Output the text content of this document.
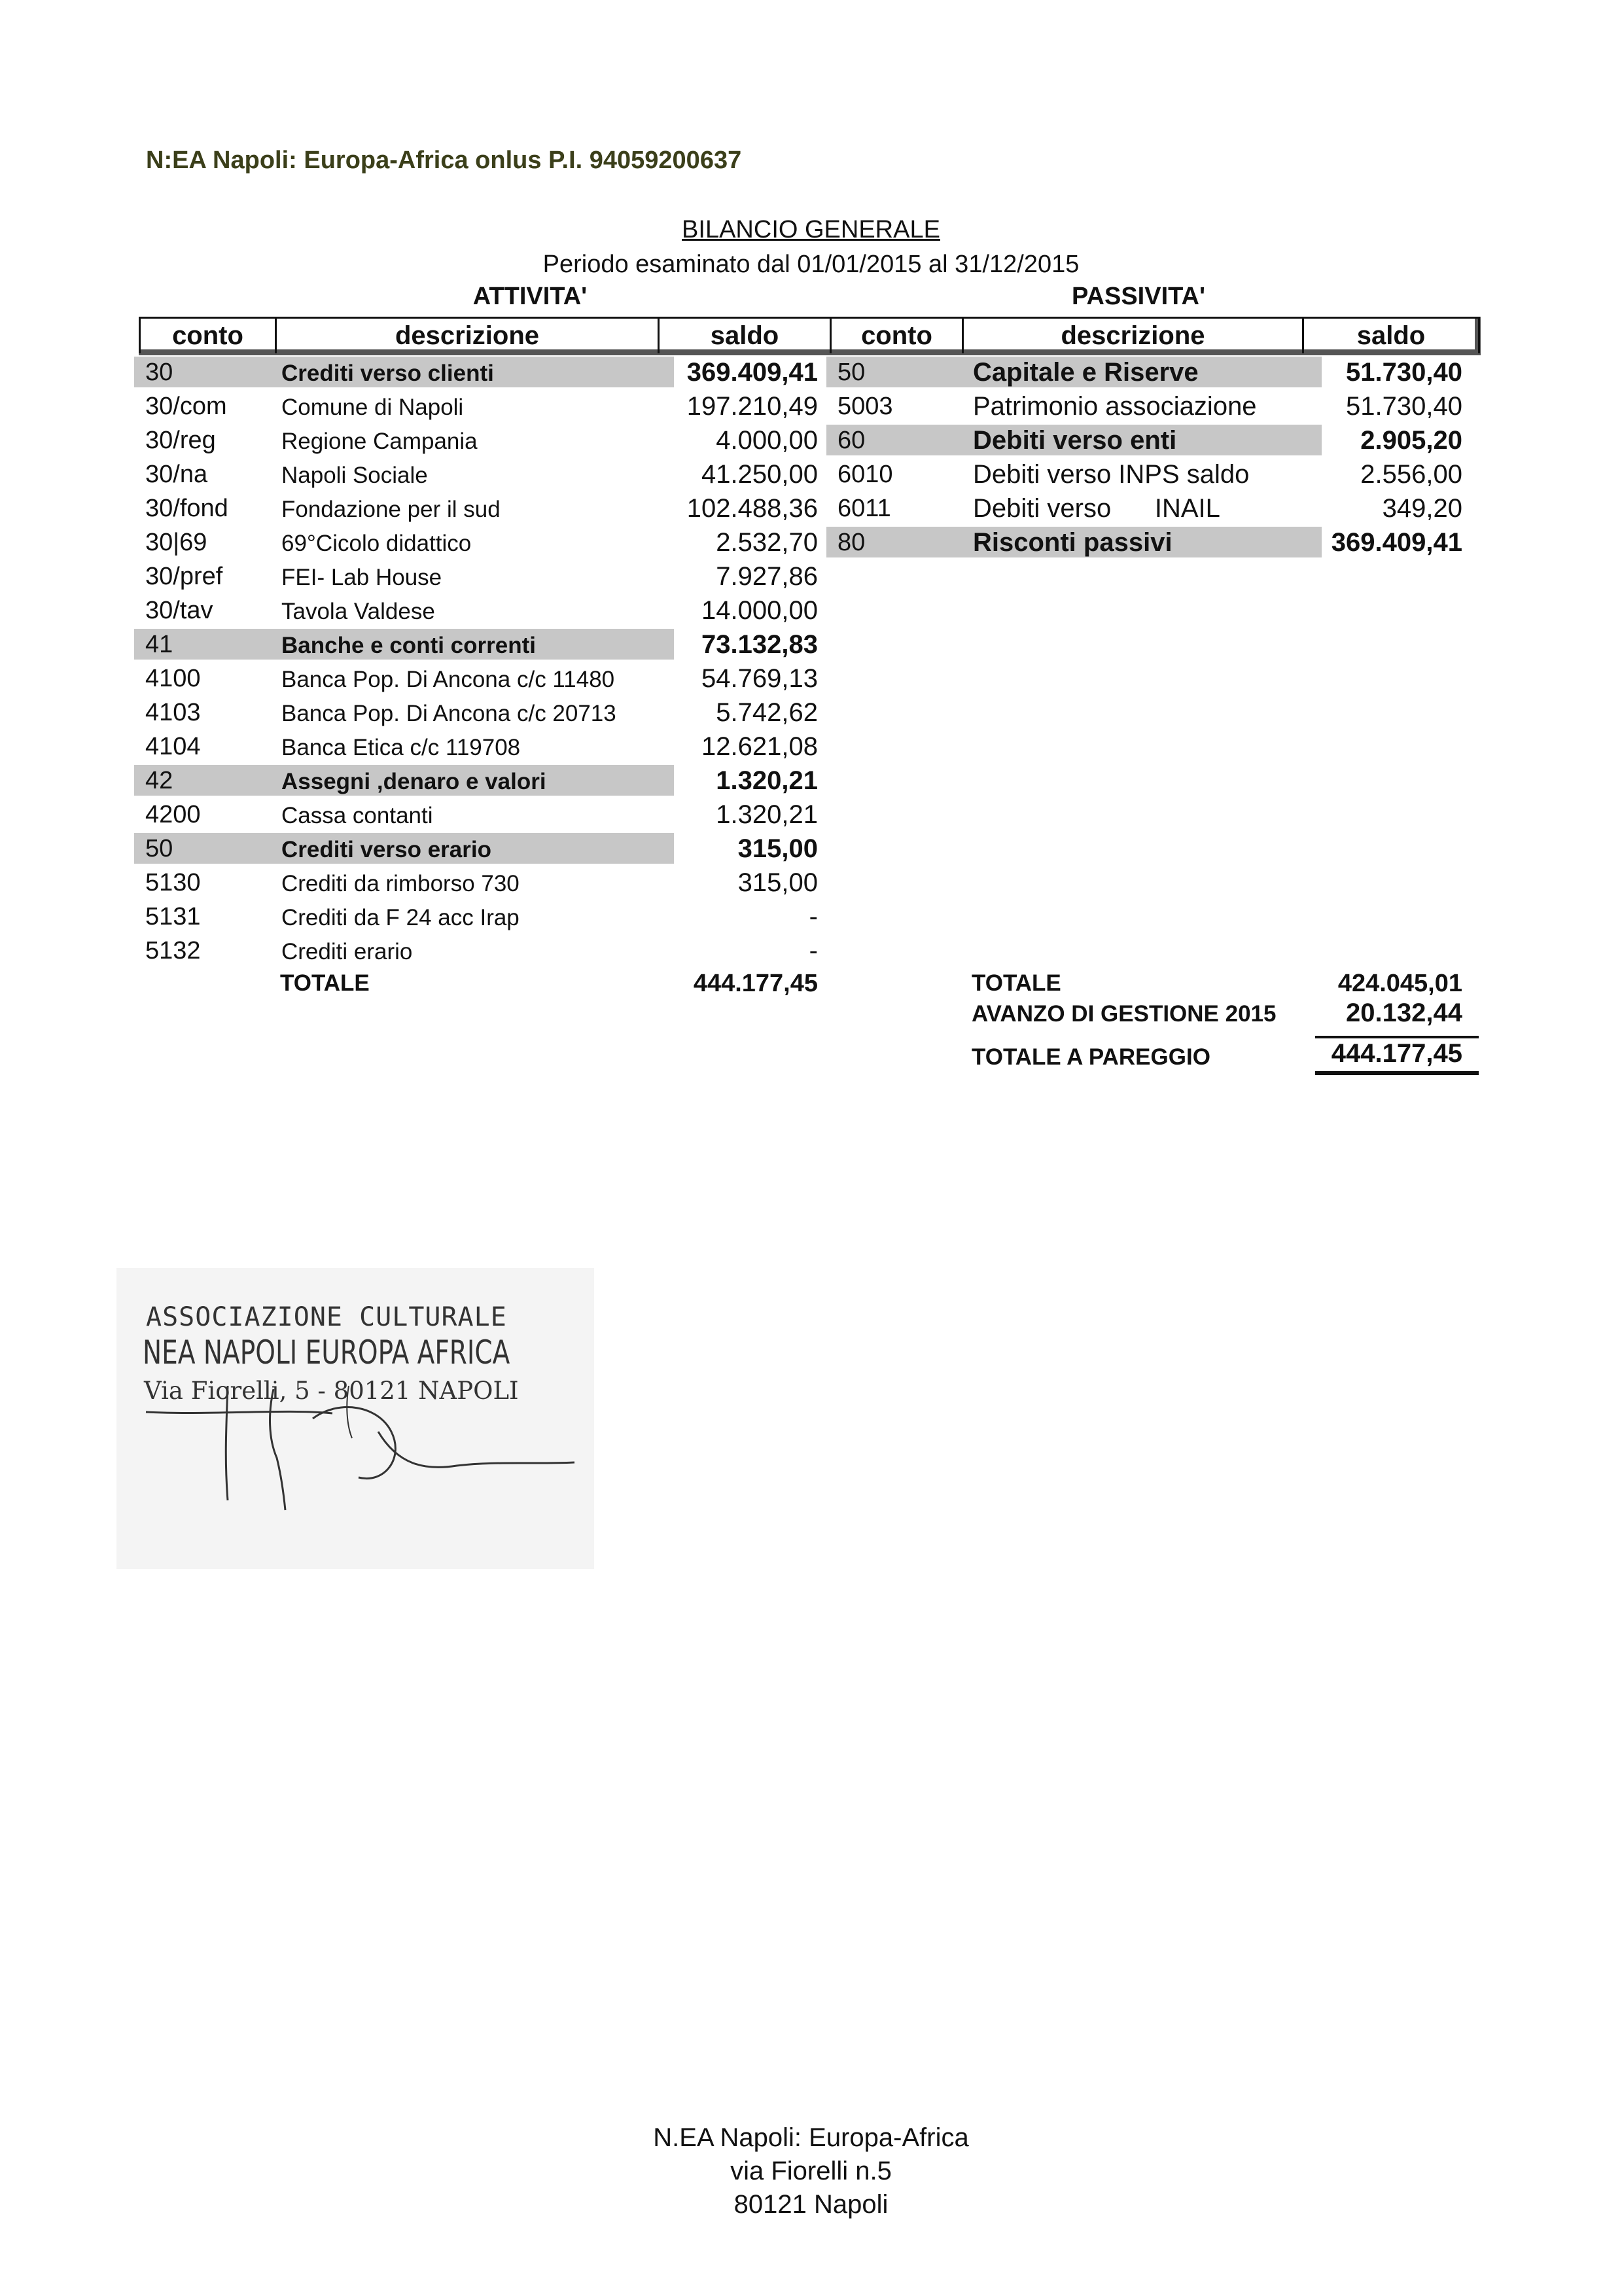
N:EA Napoli: Europa-Africa onlus P.I. 94059200637
BILANCIO GENERALE
Periodo esaminato dal 01/01/2015 al 31/12/2015
ATTIVITA'	PASSIVITA'
conto	descrizione	saldo	conto	descrizione	saldo
30	Crediti verso clienti	369.409,41
30/com Comune di Napoli	197.210,49
30/reg	Regione Campania	4.000,00
30/na	Napoli Sociale	41.250,00
30/fond Fondazione per il sud	102.488,36
30|69	69°Cicolo didattico	2.532,70
30/pref	FEI- Lab House	7.927,86
30/tav	Tavola Valdese	14.000,00
41	Banche e conti correnti	73.132,83
4100	Banca Pop. Di Ancona c/c 11480	54.769,13
4103	Banca Pop. Di Ancona c/c 20713	5.742,62
4104	Banca Etica c/c 119708	12.621,08
42	Assegni ,denaro e valori	1.320,21
4200	Cassa contanti	1.320,21
50	Crediti verso erario	315,00
5130	Crediti da rimborso 730	315,00
5131	Crediti da F 24 acc Irap	-
5132	Crediti erario	-
50	Capitale e Riserve	51.730,40
5003	Patrimonio associazione	51.730,40
60	Debiti verso enti	2.905,20
6010	Debiti verso INPS saldo	2.556,00
6011	Debiti verso      INAIL	349,20
80	Risconti passivi	369.409,41
TOTALE	444.177,45	TOTALE	424.045,01
AVANZO DI GESTIONE 2015	20.132,44
TOTALE A PAREGGIO	444.177,45
ASSOCIAZIONE CULTURALE
NEA NAPOLI EUROPA AFRICA
Via Fiorelli, 5 - 80121 NAPOLI
N.EA Napoli: Europa-Africa
via Fiorelli n.5
80121 Napoli
